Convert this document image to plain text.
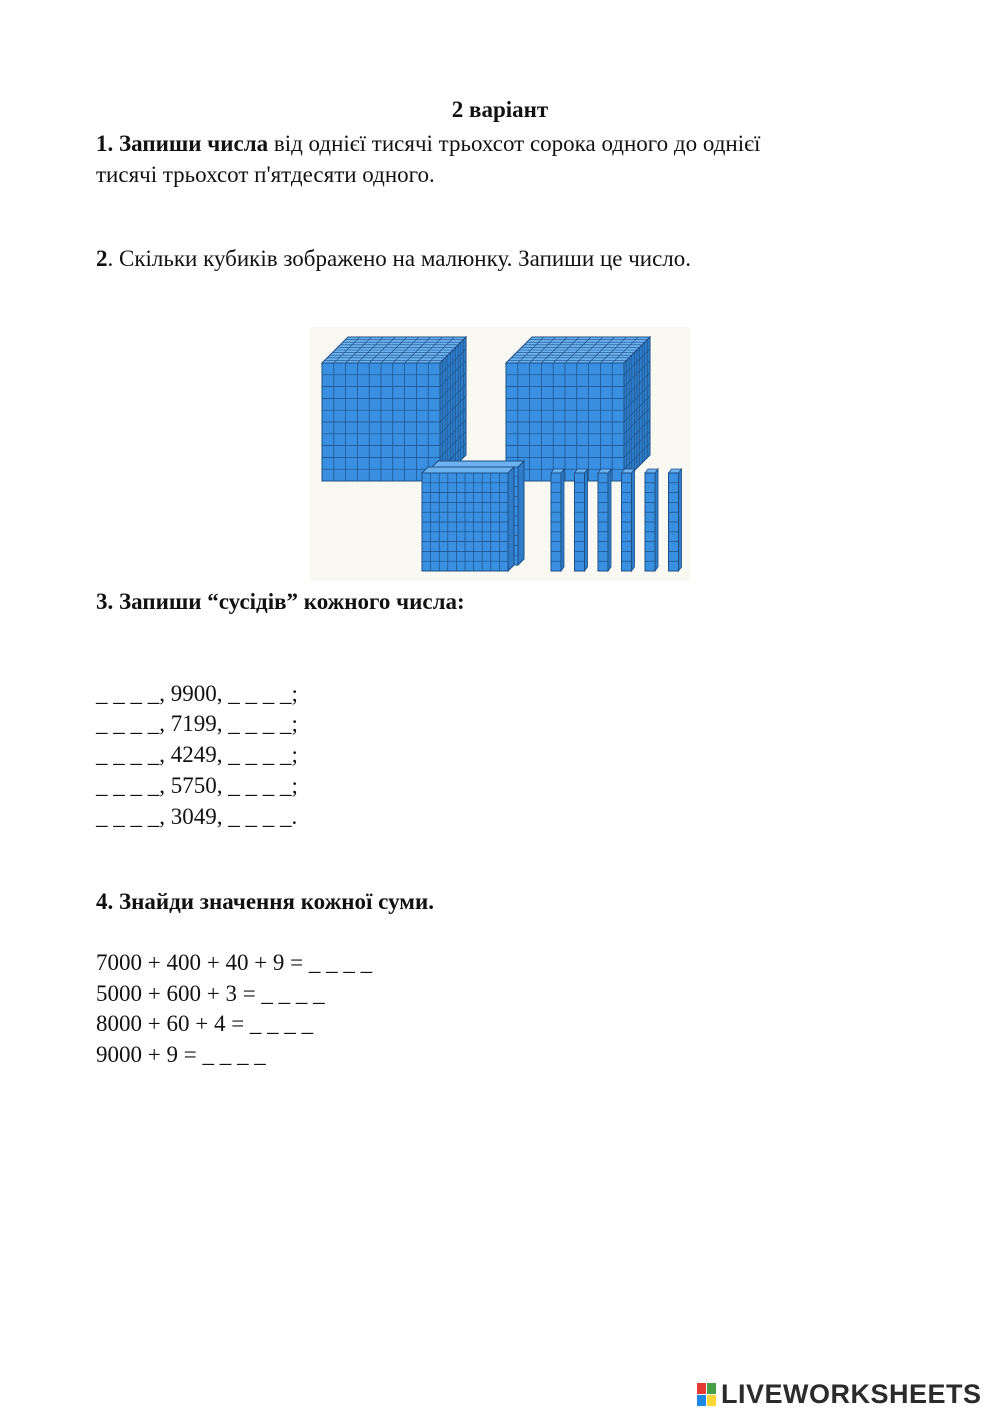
2 варіант
1. Запиши числа від однієї тисячі трьохсот сорока одного до однієї
тисячі трьохсот п'ятдесяти одного.
2. Скільки кубиків зображено на малюнку. Запиши це число.
3. Запиши “сусідів” кожного числа:
_ _ _ _, 9900, _ _ _ _;
_ _ _ _, 7199, _ _ _ _;
_ _ _ _, 4249, _ _ _ _;
_ _ _ _, 5750, _ _ _ _;
_ _ _ _, 3049, _ _ _ _.
4. Знайди значення кожної суми.
7000 + 400 + 40 + 9 = _ _ _ _
5000 + 600 + 3 = _ _ _ _
8000 + 60 + 4 = _ _ _ _
9000 + 9 = _ _ _ _
LIVEWORKSHEETS
